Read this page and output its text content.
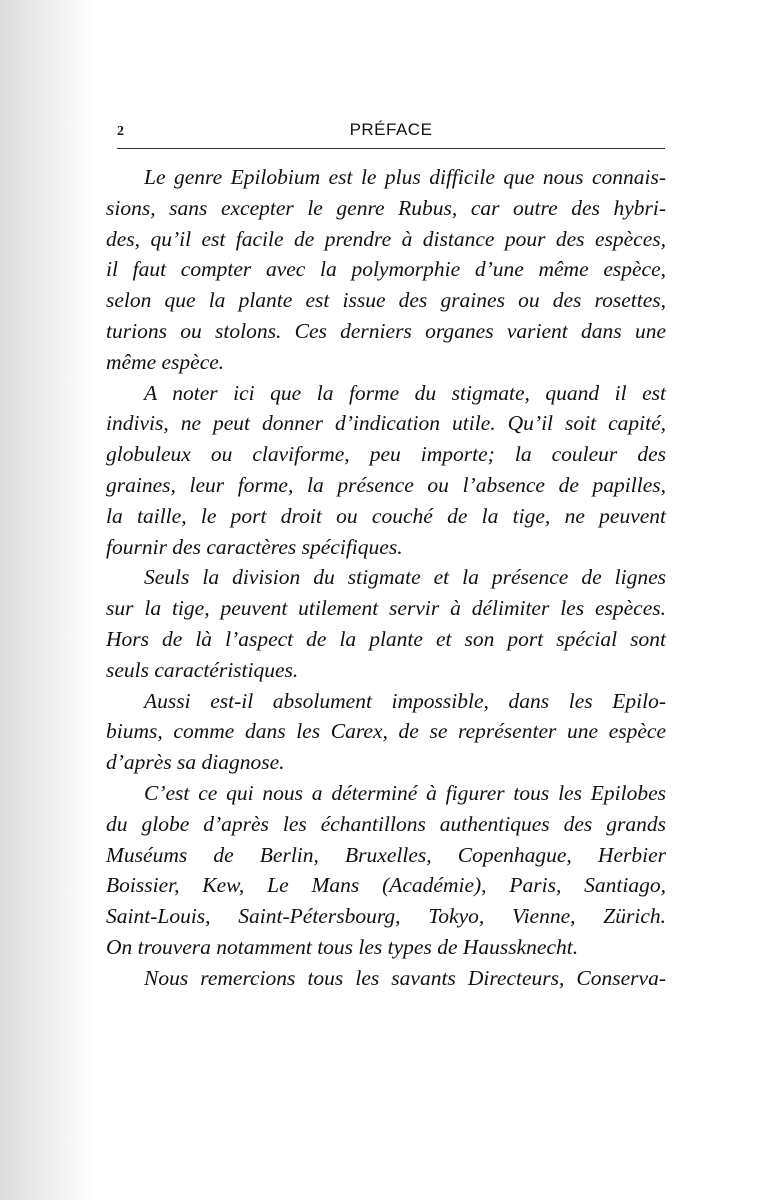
2	PRÉFACE
Le genre Epilobium est le plus difficile que nous connais-
sions, sans excepter le genre Rubus, car outre des hybri-
des, qu’il est facile de prendre à distance pour des espèces,
il faut compter avec la polymorphie d’une même espèce,
selon que la plante est issue des graines ou des rosettes,
turions ou stolons. Ces derniers organes varient dans une
même espèce.
A noter ici que la forme du stigmate, quand il est
indivis, ne peut donner d’indication utile. Qu’il soit capité,
globuleux ou claviforme, peu importe; la couleur des
graines, leur forme, la présence ou l’absence de papilles,
la taille, le port droit ou couché de la tige, ne peuvent
fournir des caractères spécifiques.
Seuls la division du stigmate et la présence de lignes
sur la tige, peuvent utilement servir à délimiter les espèces.
Hors de là l’aspect de la plante et son port spécial sont
seuls caractéristiques.
Aussi est-il absolument impossible, dans les Epilo-
biums, comme dans les Carex, de se représenter une espèce
d’après sa diagnose.
C’est ce qui nous a déterminé à figurer tous les Epilobes
du globe d’après les échantillons authentiques des grands
Muséums de Berlin, Bruxelles, Copenhague, Herbier
Boissier, Kew, Le Mans (Académie), Paris, Santiago,
Saint-Louis, Saint-Pétersbourg, Tokyo, Vienne, Zürich.
On trouvera notamment tous les types de Haussknecht.
Nous remercions tous les savants Directeurs, Conserva-
